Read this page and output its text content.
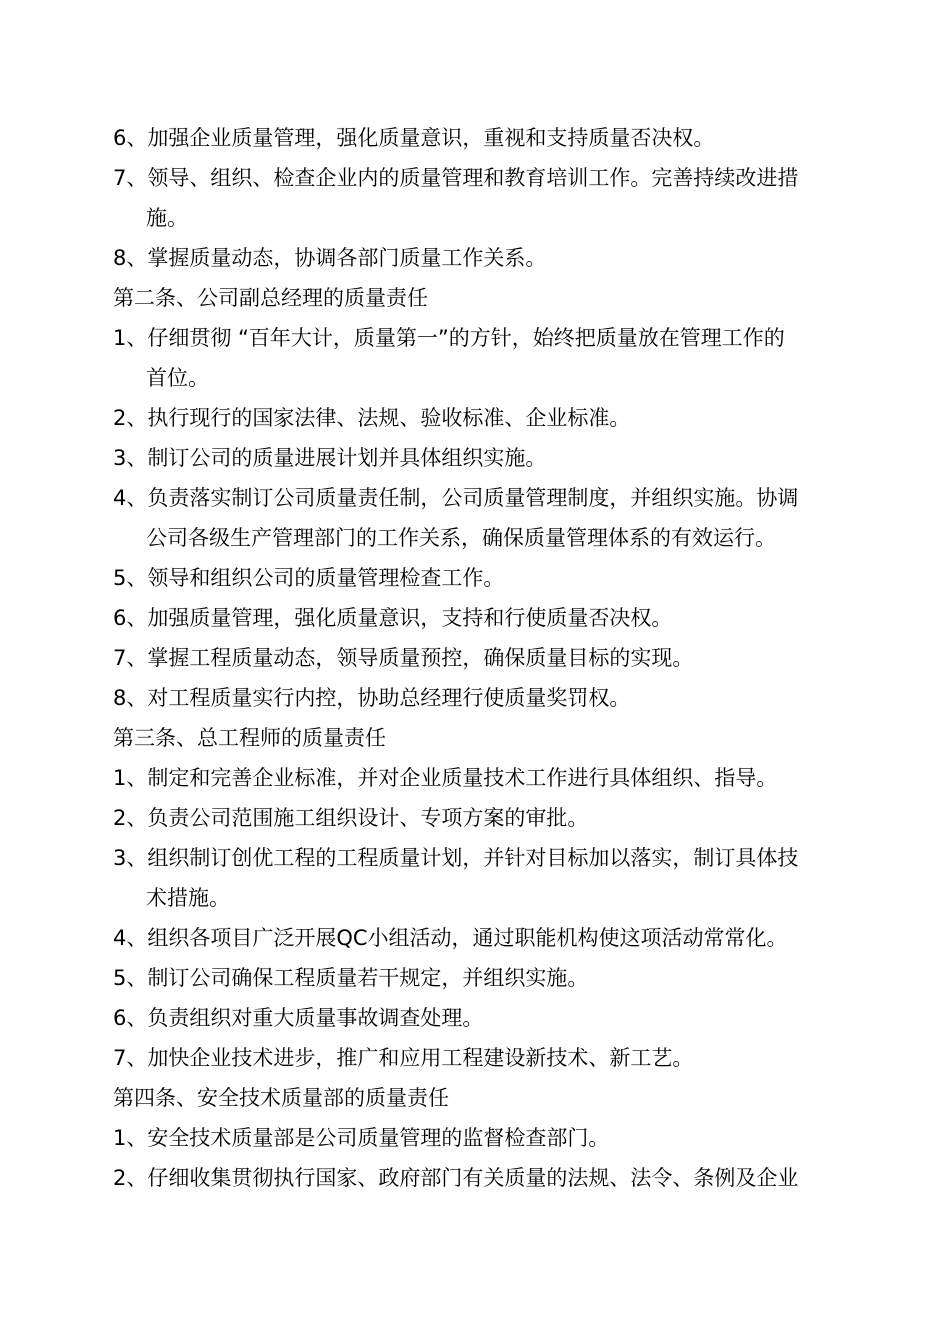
6、加强企业质量管理，强化质量意识，重视和支持质量否决权。
7、领导、组织、检查企业内的质量管理和教育培训工作。完善持续改进措
施。
8、掌握质量动态，协调各部门质量工作关系。
第二条、公司副总经理的质量责任
1、仔细贯彻 “百年大计，质量第一”的方针，始终把质量放在管理工作的
首位。
2、执行现行的国家法律、法规、验收标准、企业标准。
3、制订公司的质量进展计划并具体组织实施。
4、负责落实制订公司质量责任制，公司质量管理制度，并组织实施。协调
公司各级生产管理部门的工作关系，确保质量管理体系的有效运行。
5、领导和组织公司的质量管理检查工作。
6、加强质量管理，强化质量意识，支持和行使质量否决权。
7、掌握工程质量动态，领导质量预控，确保质量目标的实现。
8、对工程质量实行内控，协助总经理行使质量奖罚权。
第三条、总工程师的质量责任
1、制定和完善企业标准，并对企业质量技术工作进行具体组织、指导。
2、负责公司范围施工组织设计、专项方案的审批。
3、组织制订创优工程的工程质量计划，并针对目标加以落实，制订具体技
术措施。
4、组织各项目广泛开展QC小组活动，通过职能机构使这项活动常常化。
5、制订公司确保工程质量若干规定，并组织实施。
6、负责组织对重大质量事故调查处理。
7、加快企业技术进步，推广和应用工程建设新技术、新工艺。
第四条、安全技术质量部的质量责任
1、安全技术质量部是公司质量管理的监督检查部门。
2、仔细收集贯彻执行国家、政府部门有关质量的法规、法令、条例及企业
